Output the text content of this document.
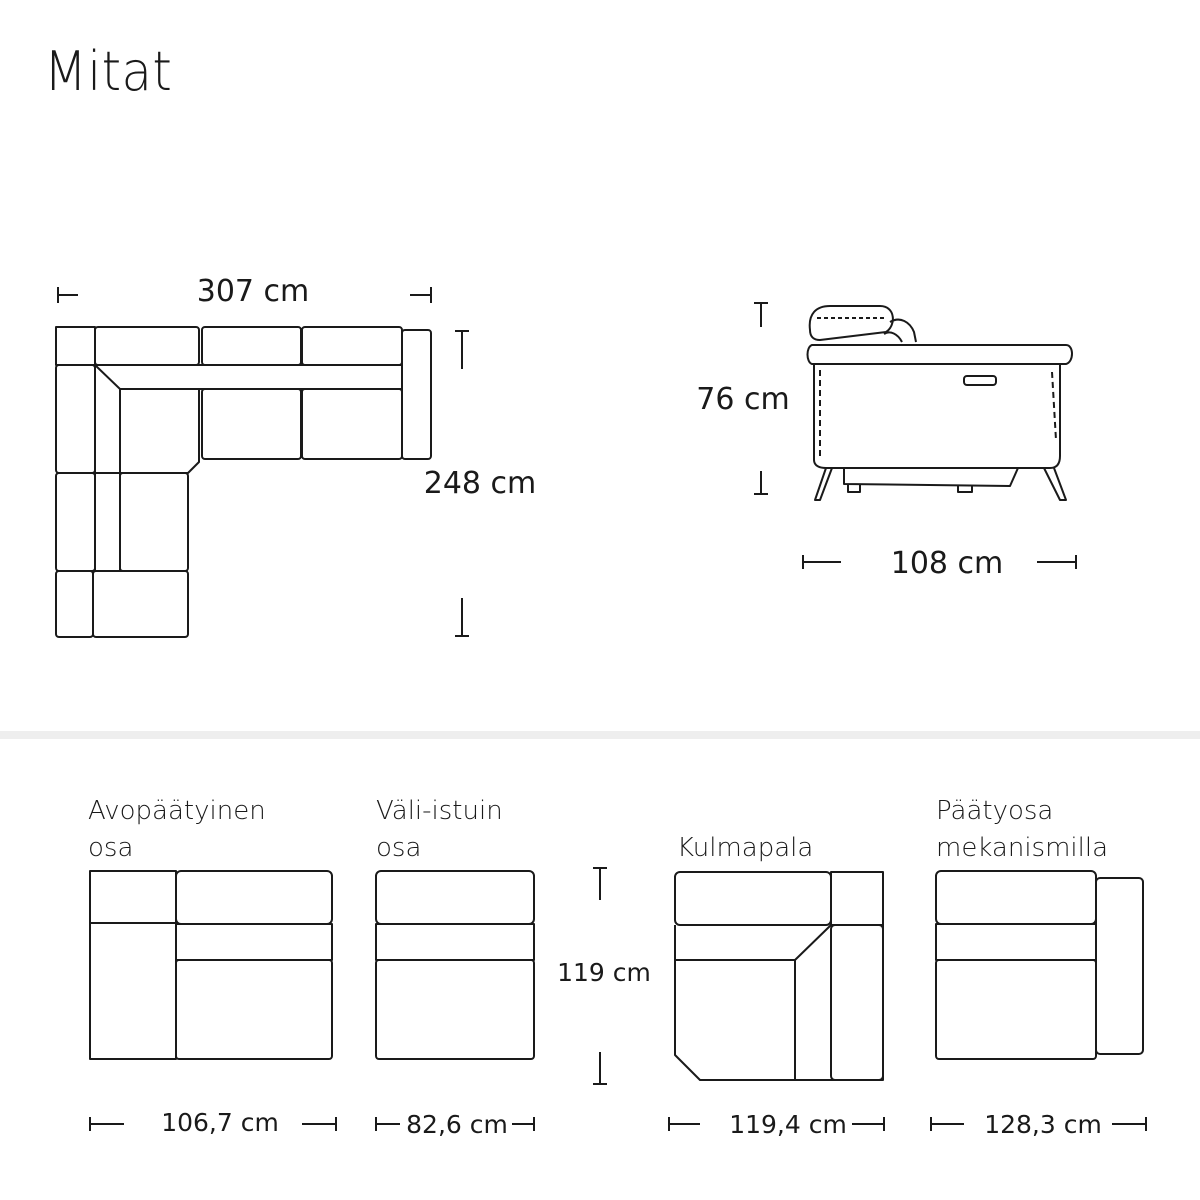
Mitat
Avopäätyinen
osa
Väli-istuin
osa	Kulmapala
Päätyosa
mekanismilla
307 cm
248 cm
76 cm
108 cm
106,7 cm	82,6 cm
119 cm
119,4 cm	128,3 cm
